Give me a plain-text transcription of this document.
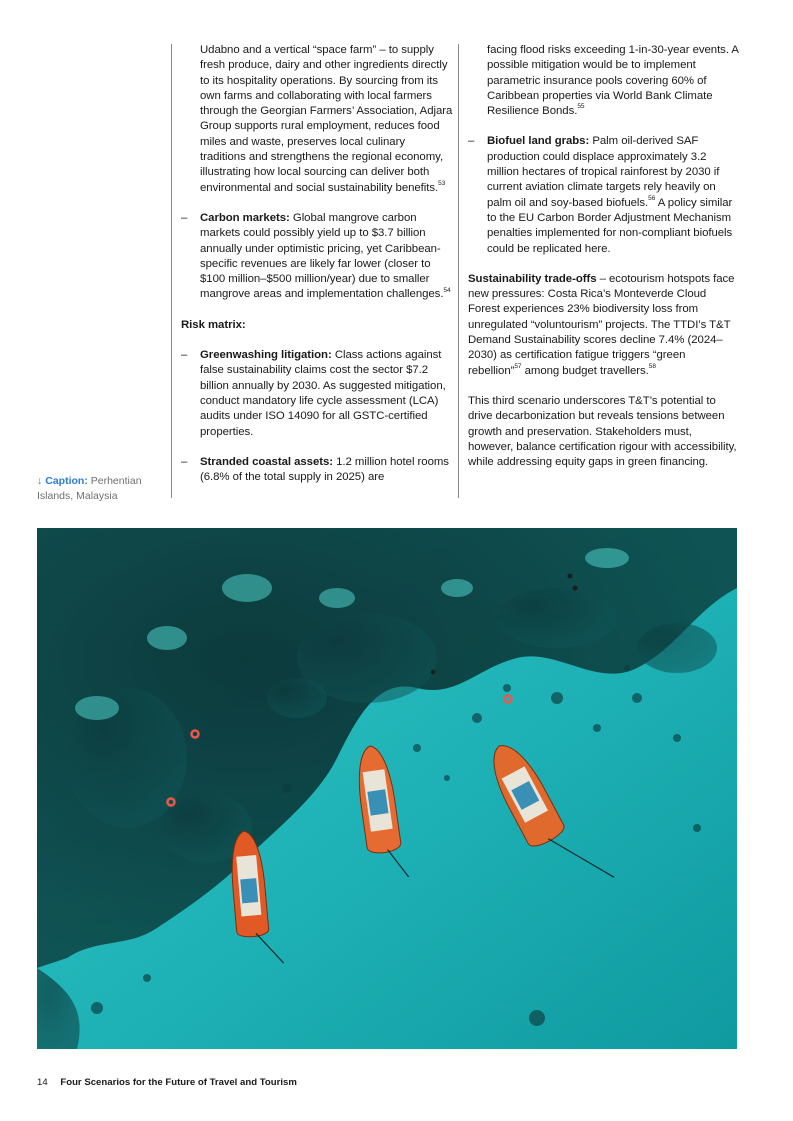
Udabno and a vertical “space farm” – to supply fresh produce, dairy and other ingredients directly to its hospitality operations. By sourcing from its own farms and collaborating with local farmers through the Georgian Farmers’ Association, Adjara Group supports rural employment, reduces food miles and waste, preserves local culinary traditions and strengthens the regional economy, illustrating how local sourcing can deliver both environmental and social sustainability benefits.$^{53}$

– Carbon markets: Global mangrove carbon markets could possibly yield up to $3.7 billion annually under optimistic pricing, yet Caribbean-specific revenues are likely far lower (closer to $100 million–$500 million/year) due to smaller mangrove areas and implementation challenges.$^{54}$

Risk matrix:

– Greenwashing litigation: Class actions against false sustainability claims cost the sector $7.2 billion annually by 2030. As suggested mitigation, conduct mandatory life cycle assessment (LCA) audits under ISO 14090 for all GSTC-certified properties.

– Stranded coastal assets: 1.2 million hotel rooms (6.8% of the total supply in 2025) are

facing flood risks exceeding 1-in-30-year events. A possible mitigation would be to implement parametric insurance pools covering 60% of Caribbean properties via World Bank Climate Resilience Bonds.$^{55}$

– Biofuel land grabs: Palm oil-derived SAF production could displace approximately 3.2 million hectares of tropical rainforest by 2030 if current aviation climate targets rely heavily on palm oil and soy-based biofuels.$^{56}$ A policy similar to the EU Carbon Border Adjustment Mechanism penalties implemented for non-compliant biofuels could be replicated here.

Sustainability trade-offs – ecotourism hotspots face new pressures: Costa Rica’s Monteverde Cloud Forest experiences 23% biodiversity loss from unregulated “voluntourism” projects. The TTDI’s T&T Demand Sustainability scores decline 7.4% (2024–2030) as certification fatigue triggers “green rebellion”$^{57}$ among budget travellers.$^{58}$

This third scenario underscores T&T’s potential to drive decarbonization but reveals tensions between growth and preservation. Stakeholders must, however, balance certification rigour with accessibility, while addressing equity gaps in green financing.

↓ Caption: Perhentian Islands, Malaysia
14 Four Scenarios for the Future of Travel and Tourism
